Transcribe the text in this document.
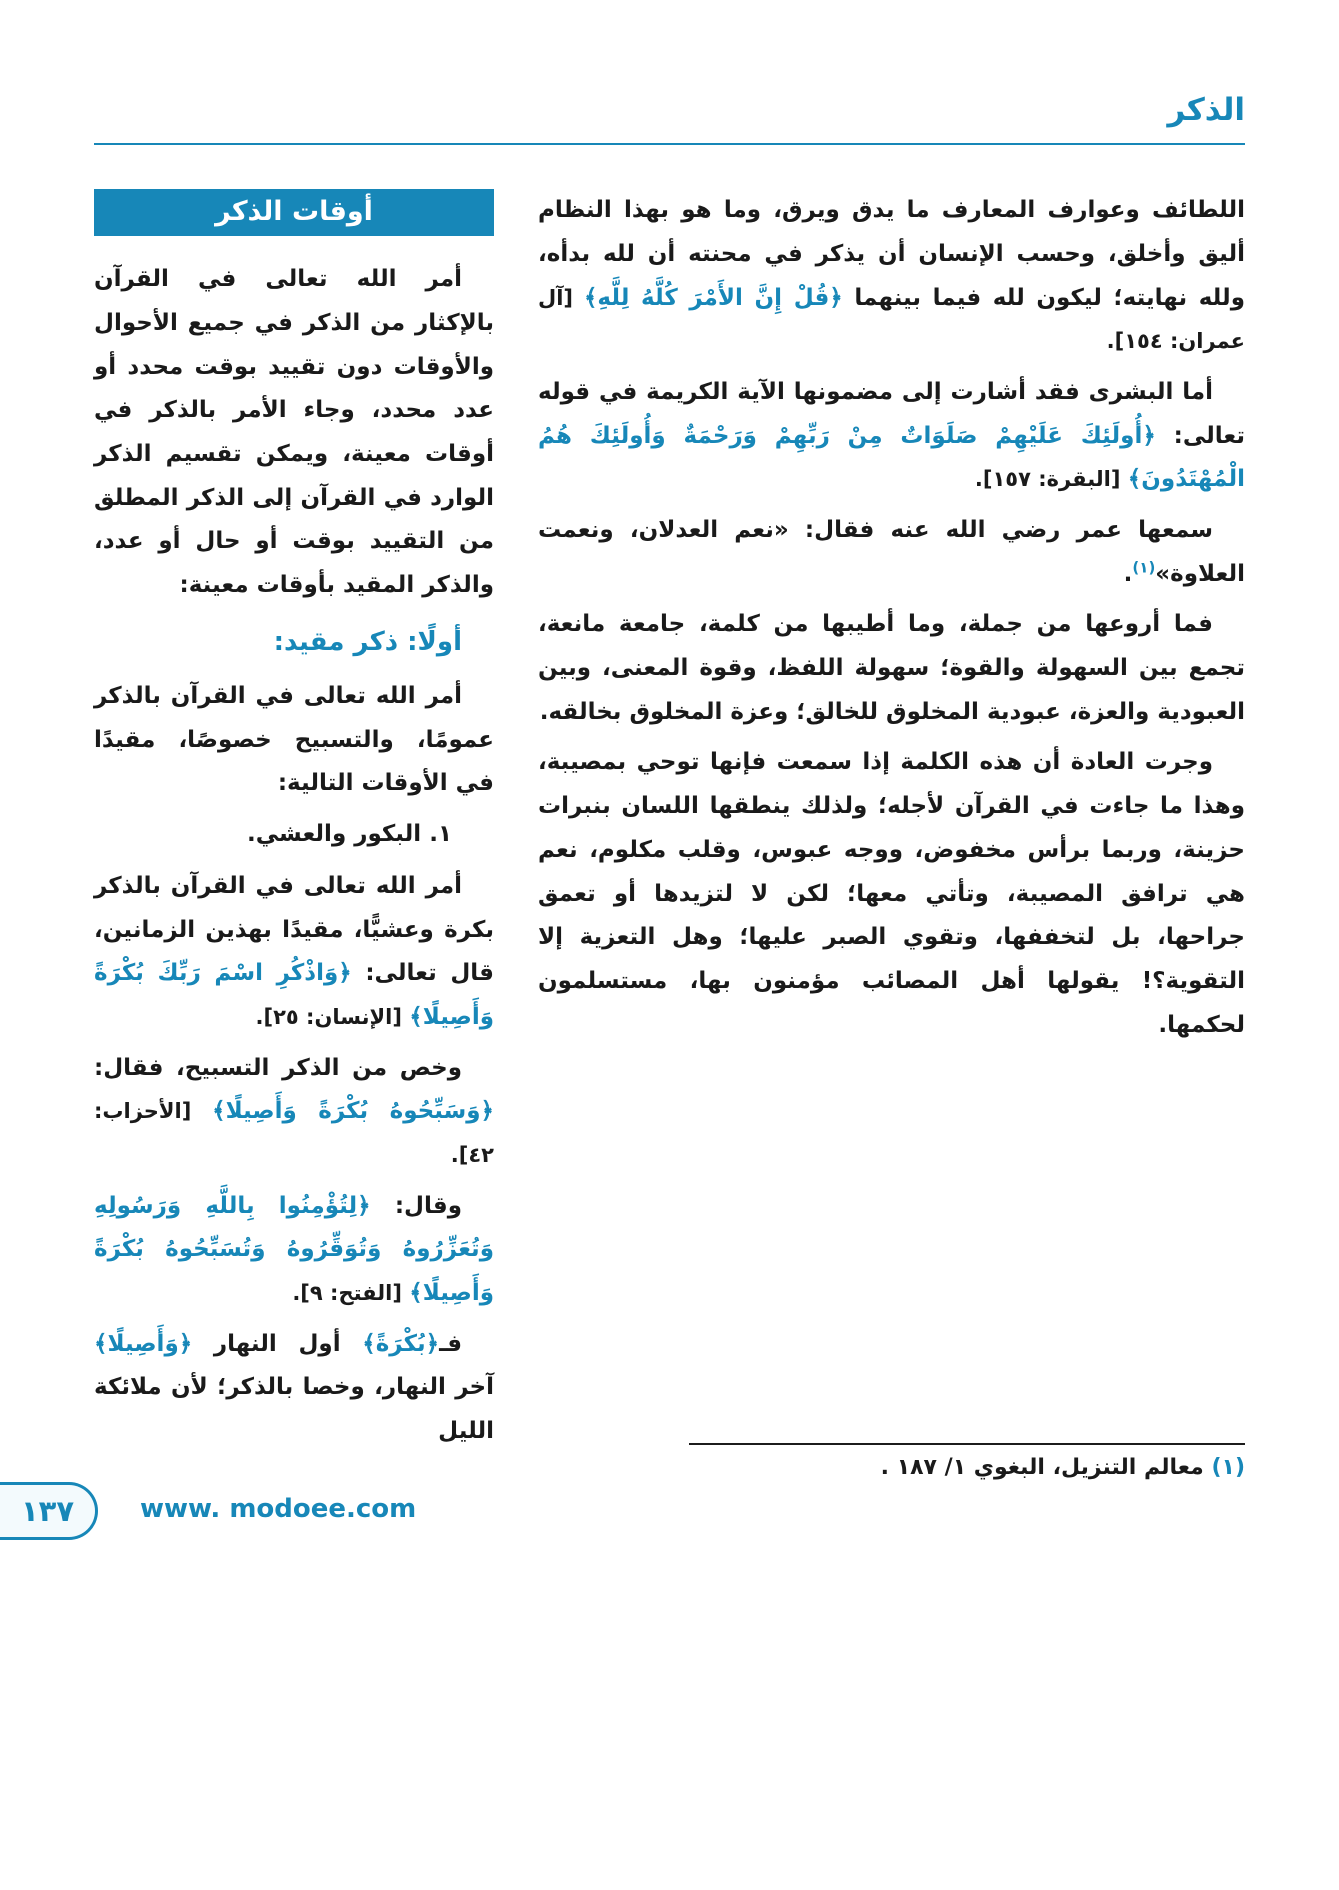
الذكر

اللطائف وعوارف المعارف ما يدق ويرق، وما هو بهذا النظام أليق وأخلق، وحسب الإنسان أن يذكر في محنته أن لله بدأه، ولله نهايته؛ ليكون لله فيما بينهما ﴿قُلْ إِنَّ الأَمْرَ كُلَّهُ لِلَّهِ﴾ [آل عمران: ١٥٤].

أما البشرى فقد أشارت إلى مضمونها الآية الكريمة في قوله تعالى: ﴿أُولَئِكَ عَلَيْهِمْ صَلَوَاتٌ مِنْ رَبِّهِمْ وَرَحْمَةٌ وَأُولَئِكَ هُمُ الْمُهْتَدُونَ﴾ [البقرة: ١٥٧].

سمعها عمر رضي الله عنه فقال: «نعم العدلان، ونعمت العلاوة»$^{(١)}$.

فما أروعها من جملة، وما أطيبها من كلمة، جامعة مانعة، تجمع بين السهولة والقوة؛ سهولة اللفظ، وقوة المعنى، وبين العبودية والعزة، عبودية المخلوق للخالق؛ وعزة المخلوق بخالقه.

وجرت العادة أن هذه الكلمة إذا سمعت فإنها توحي بمصيبة، وهذا ما جاءت في القرآن لأجله؛ ولذلك ينطقها اللسان بنبرات حزينة، وربما برأس مخفوض، ووجه عبوس، وقلب مكلوم، نعم هي ترافق المصيبة، وتأتي معها؛ لكن لا لتزيدها أو تعمق جراحها، بل لتخففها، وتقوي الصبر عليها؛ وهل التعزية إلا التقوية؟! يقولها أهل المصائب مؤمنون بها، مستسلمون لحكمها.

أوقات الذكر

أمر الله تعالى في القرآن بالإكثار من الذكر في جميع الأحوال والأوقات دون تقييد بوقت محدد أو عدد محدد، وجاء الأمر بالذكر في أوقات معينة، ويمكن تقسيم الذكر الوارد في القرآن إلى الذكر المطلق من التقييد بوقت أو حال أو عدد، والذكر المقيد بأوقات معينة:

أولًا: ذكر مقيد:

أمر الله تعالى في القرآن بالذكر عمومًا، والتسبيح خصوصًا، مقيدًا في الأوقات التالية:

١. البكور والعشي.

أمر الله تعالى في القرآن بالذكر بكرة وعشيًّا، مقيدًا بهذين الزمانين، قال تعالى: ﴿وَاذْكُرِ اسْمَ رَبِّكَ بُكْرَةً وَأَصِيلًا﴾ [الإنسان: ٢٥].

وخص من الذكر التسبيح، فقال: ﴿وَسَبِّحُوهُ بُكْرَةً وَأَصِيلًا﴾ [الأحزاب: ٤٢].

وقال: ﴿لِتُؤْمِنُوا بِاللَّهِ وَرَسُولِهِ وَتُعَزِّرُوهُ وَتُوَقِّرُوهُ وَتُسَبِّحُوهُ بُكْرَةً وَأَصِيلًا﴾ [الفتح: ٩].

فـ﴿بُكْرَةً﴾ أول النهار ﴿وَأَصِيلًا﴾ آخر النهار، وخصا بالذكر؛ لأن ملائكة الليل

(١) معالم التنزيل، البغوي ١/ ١٨٧ .
١٣٧	www. modoee.com
